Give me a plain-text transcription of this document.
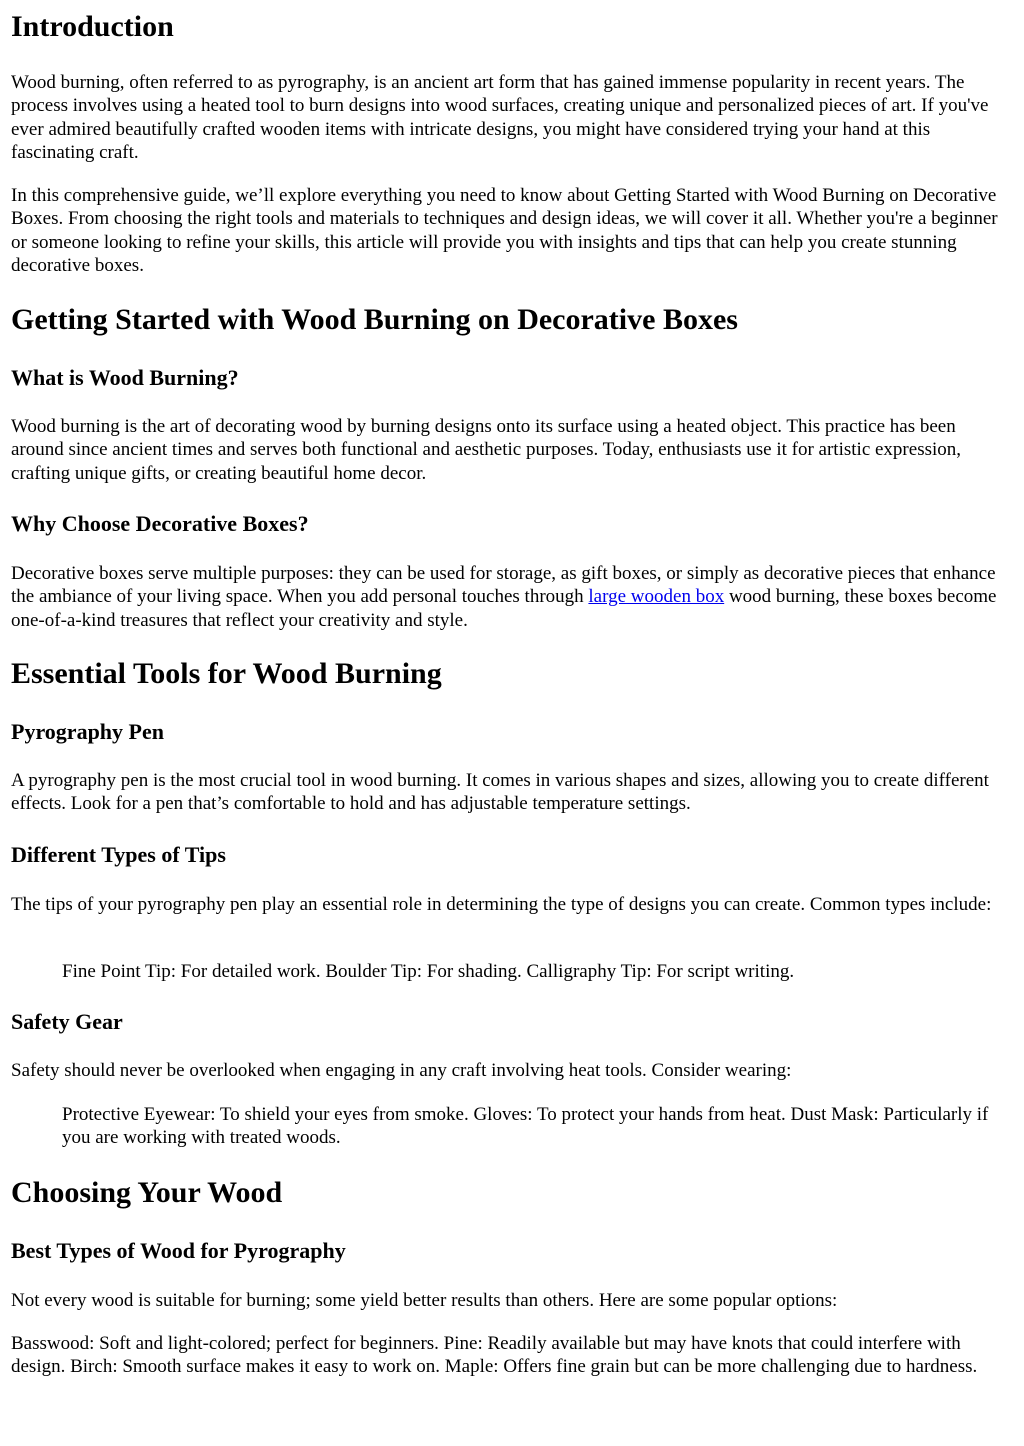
Introduction

Wood burning, often referred to as pyrography, is an ancient art form that has gained immense popularity in recent years. The process involves using a heated tool to burn designs into wood surfaces, creating unique and personalized pieces of art. If you've ever admired beautifully crafted wooden items with intricate designs, you might have considered trying your hand at this fascinating craft.

In this comprehensive guide, we’ll explore everything you need to know about Getting Started with Wood Burning on Decorative Boxes. From choosing the right tools and materials to techniques and design ideas, we will cover it all. Whether you're a beginner or someone looking to refine your skills, this article will provide you with insights and tips that can help you create stunning decorative boxes.

Getting Started with Wood Burning on Decorative Boxes
What is Wood Burning?

Wood burning is the art of decorating wood by burning designs onto its surface using a heated object. This practice has been around since ancient times and serves both functional and aesthetic purposes. Today, enthusiasts use it for artistic expression, crafting unique gifts, or creating beautiful home decor.

Why Choose Decorative Boxes?

Decorative boxes serve multiple purposes: they can be used for storage, as gift boxes, or simply as decorative pieces that enhance the ambiance of your living space. When you add personal touches through large wooden box wood burning, these boxes become one-of-a-kind treasures that reflect your creativity and style.

Essential Tools for Wood Burning
Pyrography Pen

A pyrography pen is the most crucial tool in wood burning. It comes in various shapes and sizes, allowing you to create different effects. Look for a pen that’s comfortable to hold and has adjustable temperature settings.

Different Types of Tips

The tips of your pyrography pen play an essential role in determining the type of designs you can create. Common types include:

Fine Point Tip: For detailed work. Boulder Tip: For shading. Calligraphy Tip: For script writing.

Safety Gear

Safety should never be overlooked when engaging in any craft involving heat tools. Consider wearing:

Protective Eyewear: To shield your eyes from smoke. Gloves: To protect your hands from heat. Dust Mask: Particularly if you are working with treated woods.

Choosing Your Wood
Best Types of Wood for Pyrography

Not every wood is suitable for burning; some yield better results than others. Here are some popular options:

Basswood: Soft and light-colored; perfect for beginners. Pine: Readily available but may have knots that could interfere with design. Birch: Smooth surface makes it easy to work on. Maple: Offers fine grain but can be more challenging due to hardness.
